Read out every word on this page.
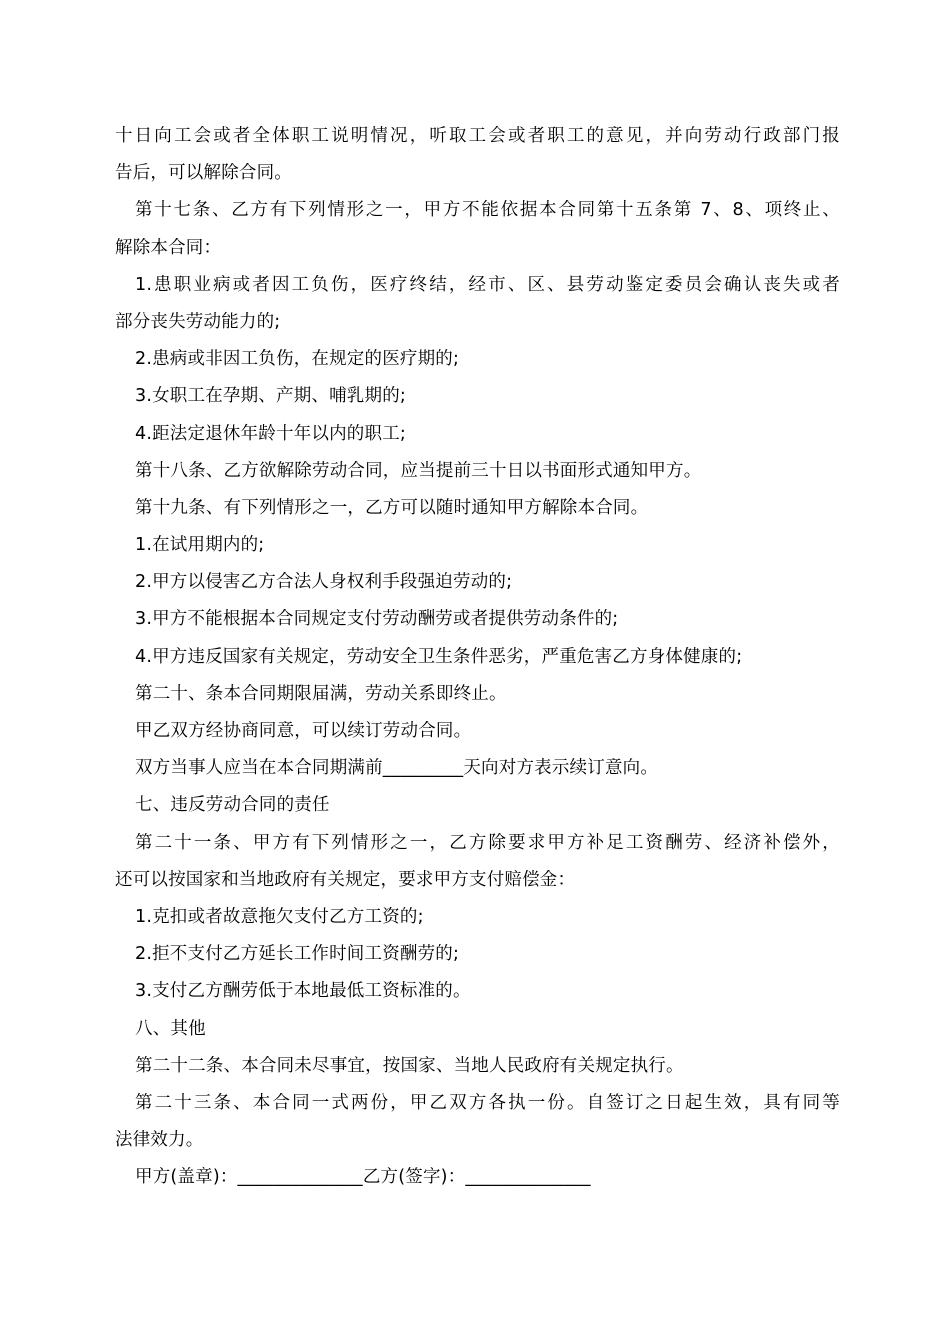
十日向工会或者全体职工说明情况，听取工会或者职工的意见，并向劳动行政部门报
告后，可以解除合同。
第十七条、乙方有下列情形之一，甲方不能依据本合同第十五条第 7、8、项终止、
解除本合同：
1.患职业病或者因工负伤，医疗终结，经市、区、县劳动鉴定委员会确认丧失或者
部分丧失劳动能力的;
2.患病或非因工负伤，在规定的医疗期的;
3.女职工在孕期、产期、哺乳期的;
4.距法定退休年龄十年以内的职工;
第十八条、乙方欲解除劳动合同，应当提前三十日以书面形式通知甲方。
第十九条、有下列情形之一，乙方可以随时通知甲方解除本合同。
1.在试用期内的;
2.甲方以侵害乙方合法人身权利手段强迫劳动的;
3.甲方不能根据本合同规定支付劳动酬劳或者提供劳动条件的;
4.甲方违反国家有关规定，劳动安全卫生条件恶劣，严重危害乙方身体健康的;
第二十、条本合同期限届满，劳动关系即终止。
甲乙双方经协商同意，可以续订劳动合同。
双方当事人应当在本合同期满前_________天向对方表示续订意向。
七、违反劳动合同的责任
第二十一条、甲方有下列情形之一，乙方除要求甲方补足工资酬劳、经济补偿外，
还可以按国家和当地政府有关规定，要求甲方支付赔偿金：
1.克扣或者故意拖欠支付乙方工资的;
2.拒不支付乙方延长工作时间工资酬劳的;
3.支付乙方酬劳低于本地最低工资标准的。
八、其他
第二十二条、本合同未尽事宜，按国家、当地人民政府有关规定执行。
第二十三条、本合同一式两份，甲乙双方各执一份。自签订之日起生效，具有同等
法律效力。
甲方(盖章)：______________乙方(签字)：______________
